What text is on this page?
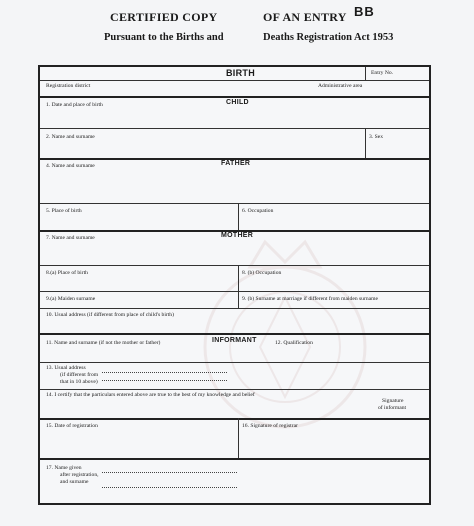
CERTIFIED COPY	OF AN ENTRY
Pursuant to the Births and	Deaths Registration Act 1953
BB
BIRTH	Entry No.
Registration district	Administrative area
1. Date and place of birth	CHILD
2. Name and surname	3. Sex
4. Name and surname	FATHER
5. Place of birth	6. Occupation
7. Name and surname	MOTHER
8.(a) Place of birth	8. (b) Occupation
9.(a) Maiden surname	9. (b) Surname at marriage if different from maiden surname
10. Usual address (if different from place of child's birth)
11. Name and surname (if not the mother or father)	INFORMANT	12. Qualification
13. Usual address
(if different from
that in 10 above)
14. I certify that the particulars entered above are true to the best of my knowledge and belief
Signature
of informant
15. Date of registration	16. Signature of registrar
17. Name given
after registration,
and surname
